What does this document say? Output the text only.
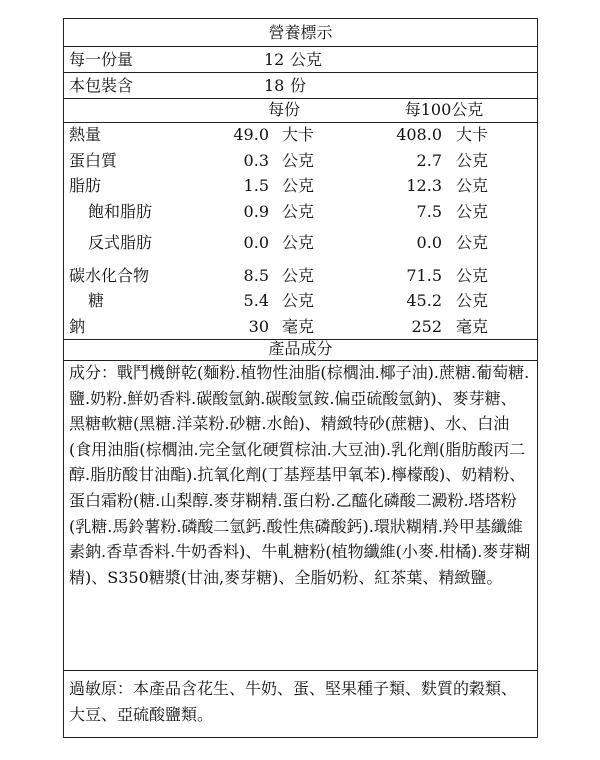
營養標示
每一份量	12 公克
本包裝含	18 份
每份	每100公克
熱量	49.0 大卡	408.0 大卡
蛋白質	0.3 公克	2.7 公克
脂肪	1.5 公克	12.3 公克
飽和脂肪	0.9 公克	7.5 公克
反式脂肪	0.0 公克	0.0 公克
碳水化合物	8.5 公克	71.5 公克
糖	5.4 公克	45.2 公克
鈉	30 毫克	252 毫克
產品成分
成分：戰鬥機餅乾(麵粉.植物性油脂(棕櫚油.椰子油).蔗糖.葡萄糖.鹽.奶粉.鮮奶香料.碳酸氫鈉.碳酸氫銨.偏亞硫酸氫鈉)、麥芽糖、黑糖軟糖(黑糖.洋菜粉.砂糖.水飴)、精緻特砂(蔗糖)、水、白油(食用油脂(棕櫚油.完全氫化硬質棕油.大豆油).乳化劑(脂肪酸丙二醇.脂肪酸甘油酯).抗氧化劑(丁基羥基甲氧苯).檸檬酸)、奶精粉、蛋白霜粉(糖.山梨醇.麥芽糊精.蛋白粉.乙醯化磷酸二澱粉.塔塔粉(乳糖.馬鈴薯粉.磷酸二氫鈣.酸性焦磷酸鈣).環狀糊精.羚甲基纖維素鈉.香草香料.牛奶香料)、牛軋糖粉(植物纖維(小麥.柑橘).麥芽糊精)、S350糖漿(甘油,麥芽糖)、全脂奶粉、紅茶葉、精緻鹽。
過敏原：本產品含花生、牛奶、蛋、堅果種子類、麩質的穀類、大豆、亞硫酸鹽類。
